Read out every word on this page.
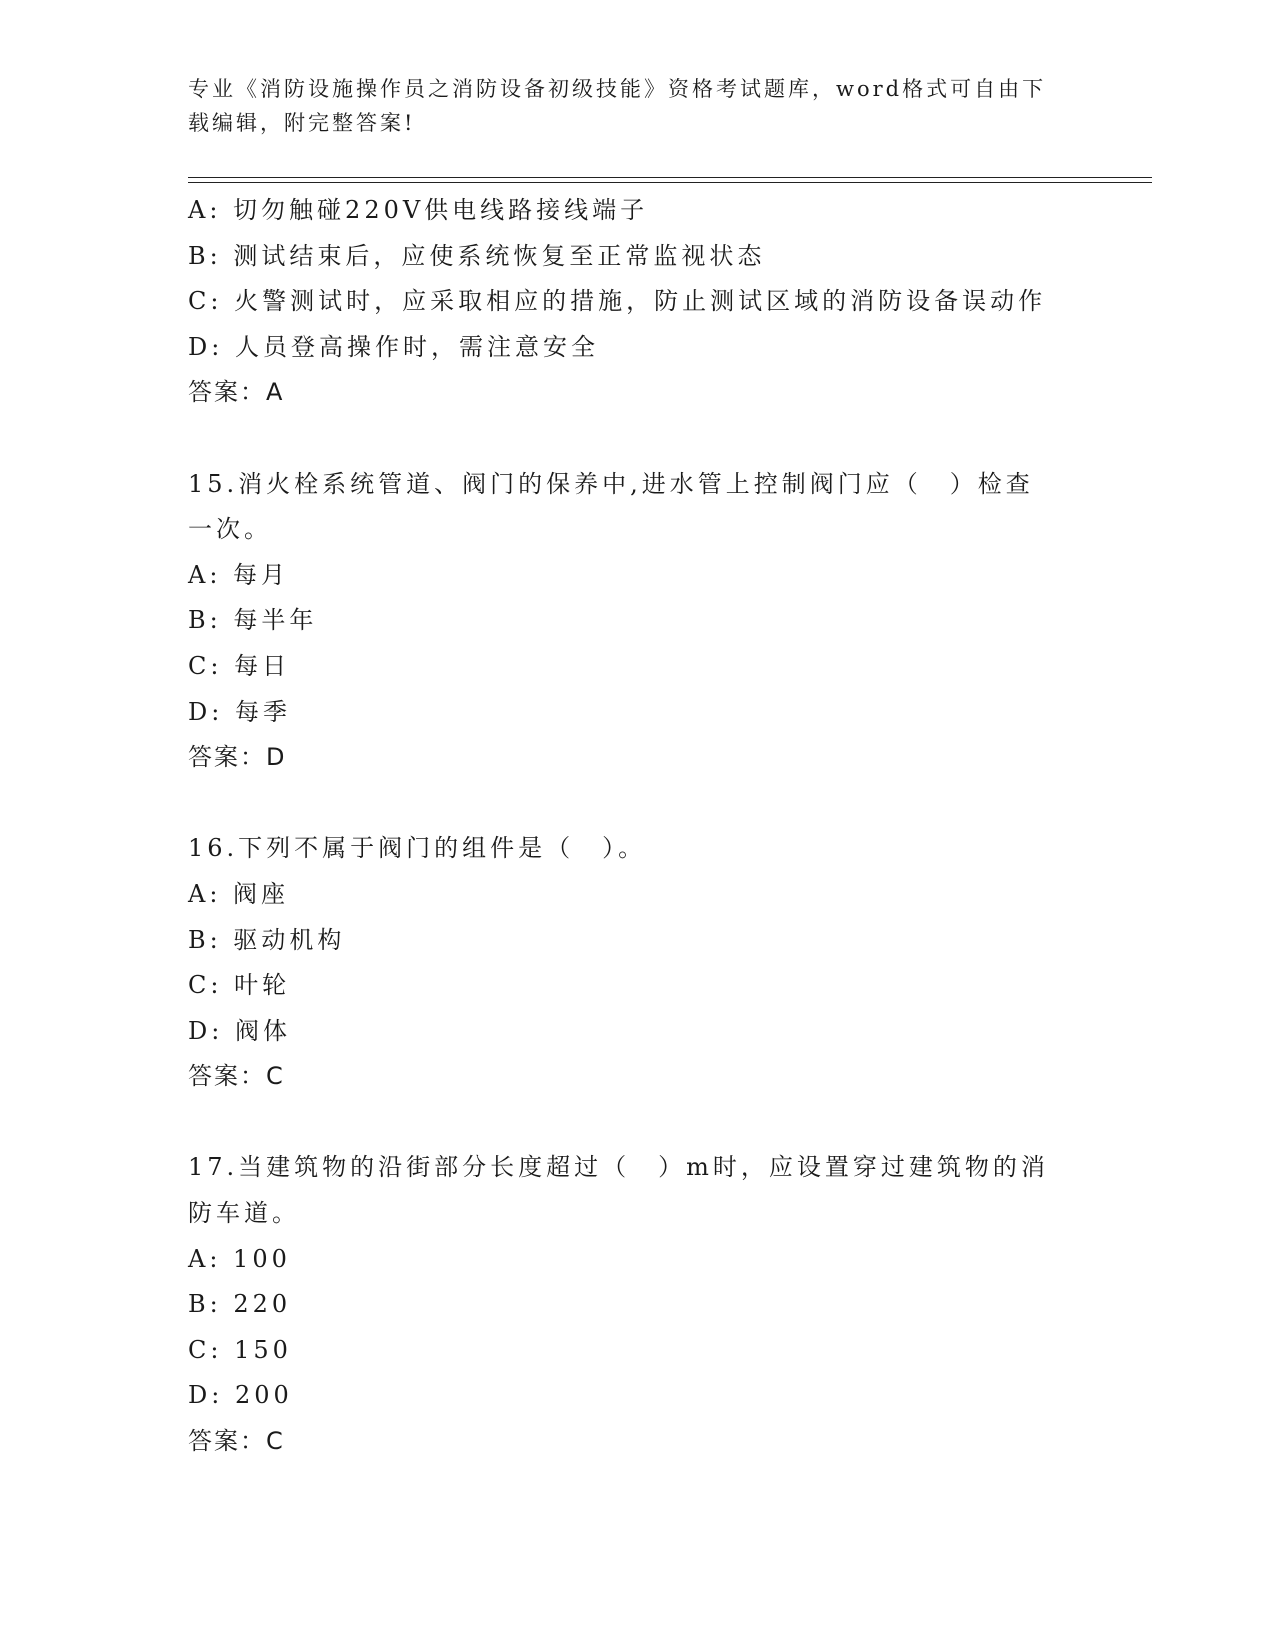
专业《消防设施操作员之消防设备初级技能》资格考试题库，word格式可自由下
载编辑，附完整答案!
A: 切勿触碰220V供电线路接线端子
B: 测试结束后，应使系统恢复至正常监视状态
C: 火警测试时，应采取相应的措施，防止测试区域的消防设备误动作
D: 人员登高操作时，需注意安全
答案：A
15.消火栓系统管道、阀门的保养中,进水管上控制阀门应（　）检查
一次。
A: 每月
B: 每半年
C: 每日
D: 每季
答案：D
16.下列不属于阀门的组件是（　）。
A: 阀座
B: 驱动机构
C: 叶轮
D: 阀体
答案：C
17.当建筑物的沿街部分长度超过（　）m时，应设置穿过建筑物的消
防车道。
A: 100
B: 220
C: 150
D: 200
答案：C
